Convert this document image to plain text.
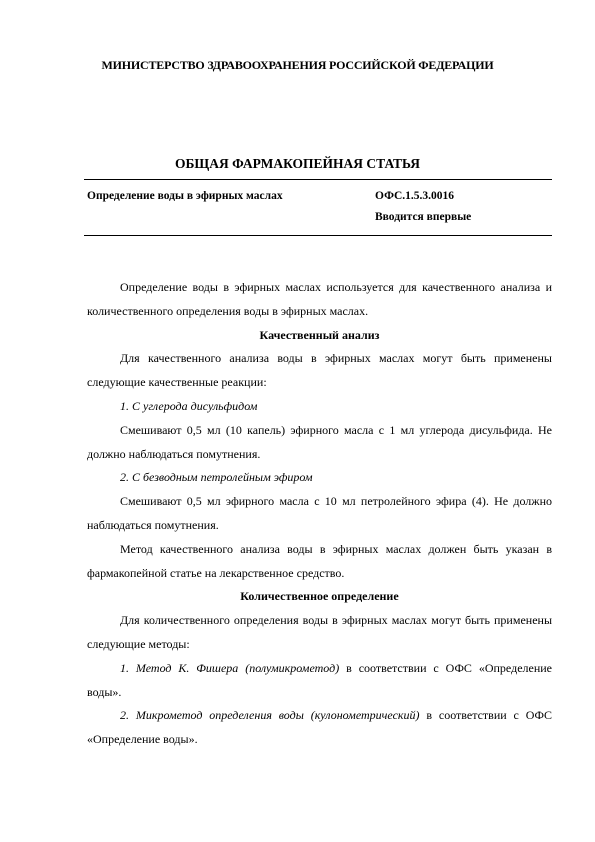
МИНИСТЕРСТВО ЗДРАВООХРАНЕНИЯ РОССИЙСКОЙ ФЕДЕРАЦИИ
ОБЩАЯ ФАРМАКОПЕЙНАЯ СТАТЬЯ
Определение воды в эфирных маслах	ОФС.1.5.3.0016
Вводится впервые

Определение воды в эфирных маслах используется для качественного анализа и количественного определения воды в эфирных маслах.

Качественный анализ

Для качественного анализа воды в эфирных маслах могут быть применены следующие качественные реакции:

1. С углерода дисульфидом

Смешивают 0,5 мл (10 капель) эфирного масла с 1 мл углерода дисульфида. Не должно наблюдаться помутнения.

2. С безводным петролейным эфиром

Смешивают 0,5 мл эфирного масла с 10 мл петролейного эфира (4). Не должно наблюдаться помутнения.

Метод качественного анализа воды в эфирных маслах должен быть указан в фармакопейной статье на лекарственное средство.

Количественное определение

Для количественного определения воды в эфирных маслах могут быть применены следующие методы:

1. Метод К. Фишера (полумикрометод) в соответствии с ОФС «Определение воды».

2. Микрометод определения воды (кулонометрический) в соответствии с ОФС «Определение воды».
